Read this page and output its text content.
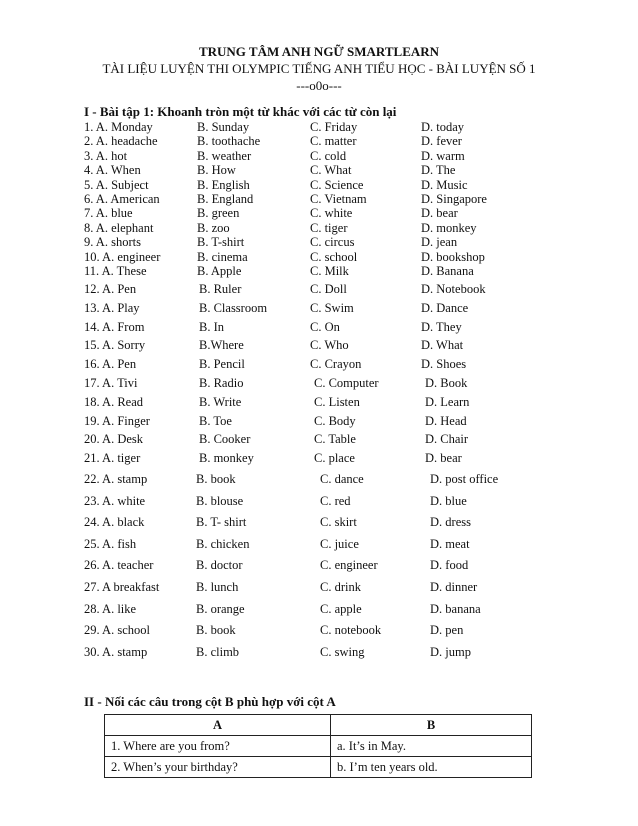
TRUNG TÂM ANH NGỮ SMARTLEARN
TÀI LIỆU LUYỆN THI OLYMPIC TIẾNG ANH TIỂU HỌC - BÀI LUYỆN SỐ 1
---o0o---
I - Bài tập 1: Khoanh tròn một từ khác với các từ còn lại
1. A. Monday	B. Sunday	C. Friday	D. today
2. A. headache	B. toothache	C. matter	D. fever
3. A. hot	B. weather	C. cold	D. warm
4. A. When	B. How	C. What	D. The
5. A. Subject	B. English	C. Science	D. Music
6. A. American	B. England	C. Vietnam	D. Singapore
7. A. blue	B. green	C. white	D. bear
8. A. elephant	B. zoo	C. tiger	D. monkey
9. A. shorts	B. T-shirt	C. circus	D. jean
10. A. engineer	B. cinema	C. school	D. bookshop
11. A. These	B. Apple	C. Milk	D. Banana
12. A. Pen	B. Ruler	C. Doll	D. Notebook
13. A. Play	B. Classroom	C. Swim	D. Dance
14. A. From	B. In	C. On	D. They
15. A. Sorry	B.Where	C. Who	D. What
16. A. Pen	B. Pencil	C. Crayon	D. Shoes
17. A. Tivi	B. Radio	C. Computer	D. Book
18. A. Read	B. Write	C. Listen	D. Learn
19. A. Finger	B. Toe	C. Body	D. Head
20. A. Desk	B. Cooker	C. Table	D. Chair
21. A. tiger	B. monkey	C. place	D. bear
22. A. stamp	B. book	C. dance	D. post office
23. A. white	B. blouse	C. red	D. blue
24. A. black	B. T- shirt	C. skirt	D. dress
25. A. fish	B. chicken	C. juice	D. meat
26. A. teacher	B. doctor	C. engineer	D. food
27. A breakfast	B. lunch	C. drink	D. dinner
28. A. like	B. orange	C. apple	D. banana
29. A. school	B. book	C. notebook	D. pen
30. A. stamp	B. climb	C. swing	D. jump
II - Nối các câu trong cột B phù hợp với cột A
A	B
1. Where are you from?	a. It’s in May.
2. When’s your birthday?	b. I’m ten years old.
